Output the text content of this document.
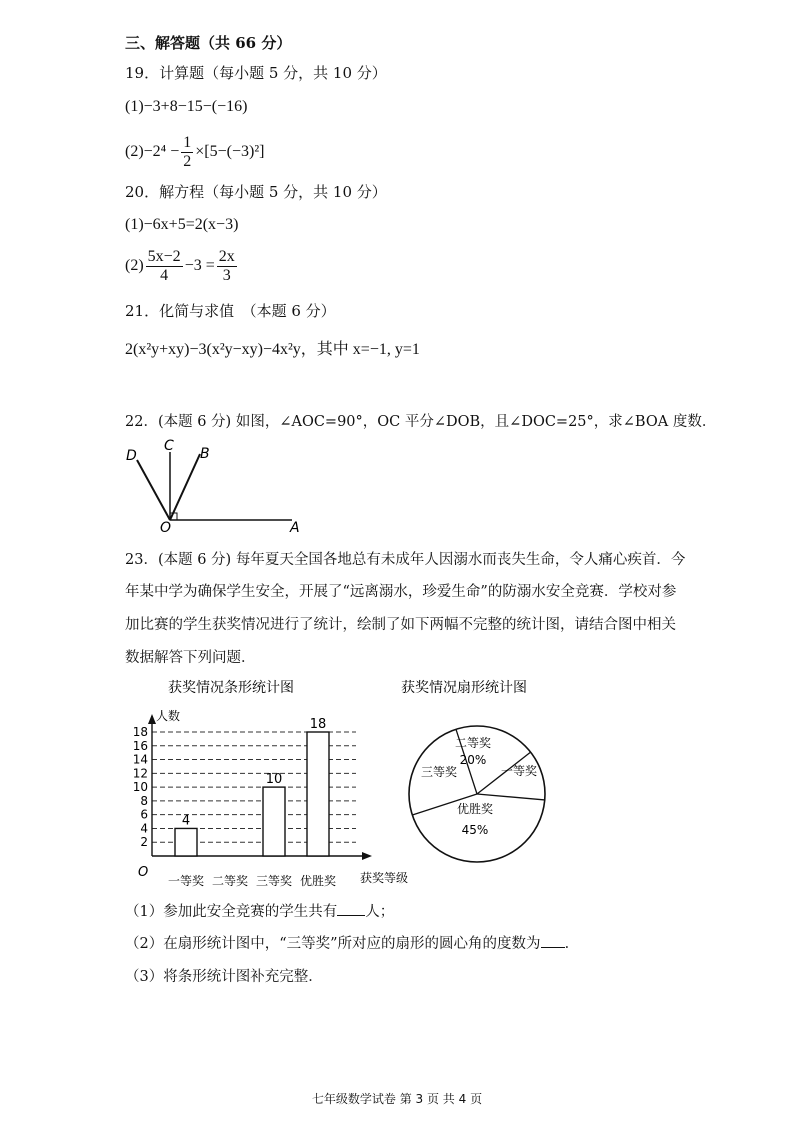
三、解答题（共 66 分）
19．计算题（每小题 5 分，共 10 分）
(1)−3+8−15−(−16)
$(2)-2^4 - \frac{1}{2} \times[5-(-3)^2]$
20．解方程（每小题 5 分，共 10 分）
(1)−6x+5=2(x−3)
$(2) \frac{5x-2}{4} -3 = \frac{2x}{3}$
21．化简与求值　（本题 6 分）
2(x²y+xy)−3(x²y−xy)−4x²y，其中 x=−1, y=1
22．(本题 6 分) 如图，∠AOC=90°，OC 平分∠DOB，且∠DOC=25°，求∠BOA 度数．
D
C B
O	A
23．(本题 6 分) 每年夏天全国各地总有未成年人因溺水而丧失生命，令人痛心疾首．今
年某中学为确保学生安全，开展了“远离溺水，珍爱生命”的防溺水安全竞赛．学校对参
加比赛的学生获奖情况进行了统计，绘制了如下两幅不完整的统计图，请结合图中相关
数据解答下列问题．
获奖情况条形统计图
人数
2
4
6
8
10
12
14
16
18
O	获奖等级
一等奖
4
二等奖 三等奖
10
优胜奖
18
获奖情况扇形统计图
二等奖
20%
一等奖
优胜奖
45%
三等奖
（1）参加此安全竞赛的学生共有 人；
（2）在扇形统计图中，“三等奖”所对应的扇形的圆心角的度数为 ．
（3）将条形统计图补充完整．
七年级数学试卷 第 3 页 共 4 页
